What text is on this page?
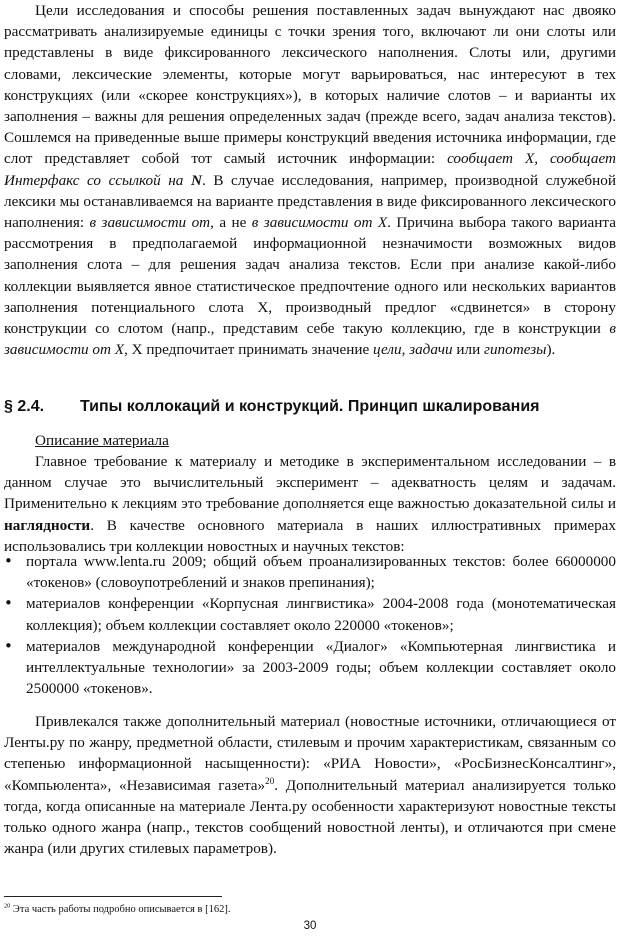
Цели исследования и способы решения поставленных задач вынуждают нас двояко рассматривать анализируемые единицы с точки зрения того, включают ли они слоты или представлены в виде фиксированного лексического наполнения. Слоты или, другими словами, лексические элементы, которые могут варьироваться, нас интересуют в тех конструкциях (или «скорее конструкциях»), в которых наличие слотов – и варианты их заполнения – важны для решения определенных задач (прежде всего, задач анализа текстов). Сошлемся на приведенные выше примеры конструкций введения источника информации, где слот представляет собой тот самый источник информации: сообщает Х, сообщает Интерфакс со ссылкой на N. В случае исследования, например, производной служебной лексики мы останавливаемся на варианте представления в виде фиксированного лексического наполнения: в зависимости от, а не в зависимости от Х. Причина выбора такого варианта рассмотрения в предполагаемой информационной незначимости возможных видов заполнения слота – для решения задач анализа текстов. Если при анализе какой-либо коллекции выявляется явное статистическое предпочтение одного или нескольких вариантов заполнения потенциального слота Х, производный предлог «сдвинется» в сторону конструкции со слотом (напр., представим себе такую коллекцию, где в конструкции в зависимости от Х, Х предпочитает принимать значение цели, задачи или гипотезы).

§ 2.4. Типы коллокаций и конструкций. Принцип шкалирования
Описание материала

Главное требование к материалу и методике в экспериментальном исследовании – в данном случае это вычислительный эксперимент – адекватность целям и задачам. Применительно к лекциям это требование дополняется еще важностью доказательной силы и наглядности. В качестве основного материала в наших иллюстративных примерах использовались три коллекции новостных и научных текстов:

• портала www.lenta.ru 2009; общий объем проанализированных текстов: более 66000000 «токенов» (словоупотреблений и знаков препинания);
• материалов конференции «Корпусная лингвистика» 2004-2008 года (монотематическая коллекция); объем коллекции составляет около 220000 «токенов»;
• материалов международной конференции «Диалог» «Компьютерная лингвистика и интеллектуальные технологии» за 2003-2009 годы; объем коллекции составляет около 2500000 «токенов».

Привлекался также дополнительный материал (новостные источники, отличающиеся от Ленты.ру по жанру, предметной области, стилевым и прочим характеристикам, связанным со степенью информационной насыщенности): «РИА Новости», «РосБизнесКонсалтинг», «Компьюлента», «Независимая газета»$^{20}$. Дополнительный материал анализируется только тогда, когда описанные на материале Лента.ру особенности характеризуют новостные тексты только одного жанра (напр., текстов сообщений новостной ленты), и отличаются при смене жанра (или других стилевых параметров).

$^{20}$ Эта часть работы подробно описывается в [162].
30
